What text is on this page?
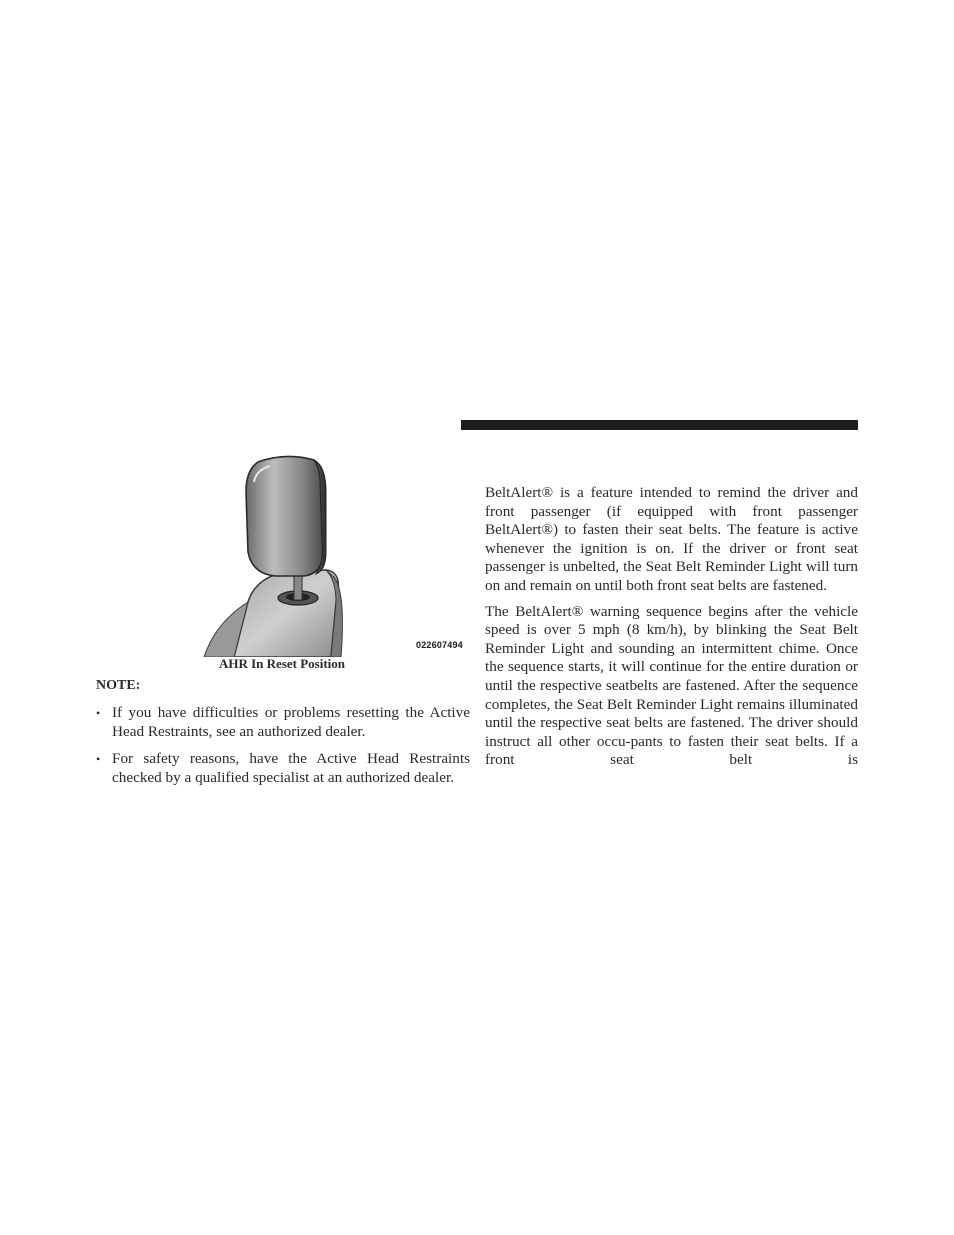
022607494
AHR In Reset Position
NOTE:
• If you have difficulties or problems resetting the Active Head Restraints, see an authorized dealer.
• For safety reasons, have the Active Head Restraints checked by a qualified specialist at an authorized dealer.

BeltAlert® is a feature intended to remind the driver and front passenger (if equipped with front passenger BeltAlert®) to fasten their seat belts. The feature is active whenever the ignition is on. If the driver or front seat passenger is unbelted, the Seat Belt Reminder Light will turn on and remain on until both front seat belts are fastened.

The BeltAlert® warning sequence begins after the vehicle speed is over 5 mph (8 km/h), by blinking the Seat Belt Reminder Light and sounding an intermittent chime. Once the sequence starts, it will continue for the entire duration or until the respective seatbelts are fastened. After the sequence completes, the Seat Belt Reminder Light remains illuminated until the respective seat belts are fastened. The driver should instruct all other occu-pants to fasten their seat belts. If a front seat belt is
